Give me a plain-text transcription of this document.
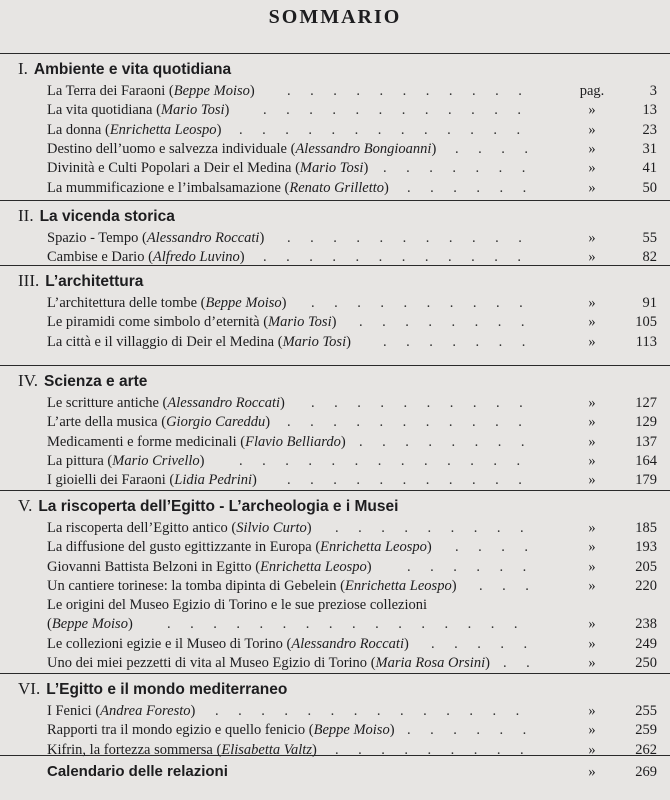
SOMMARIO
I. Ambiente e vita quotidiana
La Terra dei Faraoni (Beppe Moiso) ...........	pag.	3
La vita quotidiana (Mario Tosi) ............	»	13
La donna (Enrichetta Leospo) .............	»	23
Destino dell’uomo e salvezza individuale (Alessandro Bongioanni) ....	»	31
Divinità e Culti Popolari a Deir el Medina (Mario Tosi) .......	»	41
La mummificazione e l’imbalsamazione (Renato Grilletto) ......	»	50
II. La vicenda storica
Spazio - Tempo (Alessandro Roccati) ...........	»	55
Cambise e Dario (Alfredo Luvino) ............	»	82
III. L’architettura
L’architettura delle tombe (Beppe Moiso) ..........	»	91
Le piramidi come simbolo d’eternità (Mario Tosi) ........	»	105
La città e il villaggio di Deir el Medina (Mario Tosi) .......	»	113
IV. Scienza e arte
Le scritture antiche (Alessandro Roccati) ..........	»	127
L’arte della musica (Giorgio Careddu) ...........	»	129
Medicamenti e forme medicinali (Flavio Belliardo) ........	»	137
La pittura (Mario Crivello) .............	»	164
I gioielli dei Faraoni (Lidia Pedrini) ...........	»	179
V. La riscoperta dell’Egitto - L’archeologia e i Musei
La riscoperta dell’Egitto antico (Silvio Curto) .........	»	185
La diffusione del gusto egittizzante in Europa (Enrichetta Leospo) ....	»	193
Giovanni Battista Belzoni in Egitto (Enrichetta Leospo) ......	»	205
Un cantiere torinese: la tomba dipinta di Gebelein (Enrichetta Leospo) ...	»	220
Le origini del Museo Egizio di Torino e le sue preziose collezioni
(Beppe Moiso) ................	»	238
Le collezioni egizie e il Museo di Torino (Alessandro Roccati) .....	»	249
Uno dei miei pezzetti di vita al Museo Egizio di Torino (Maria Rosa Orsini) ..	»	250
VI. L’Egitto e il mondo mediterraneo
I Fenici (Andrea Foresto) ..............	»	255
Rapporti tra il mondo egizio e quello fenicio (Beppe Moiso) ......	»	259
Kifrin, la fortezza sommersa (Elisabetta Valtz) .........	»	262
Calendario delle relazioni	»	269
